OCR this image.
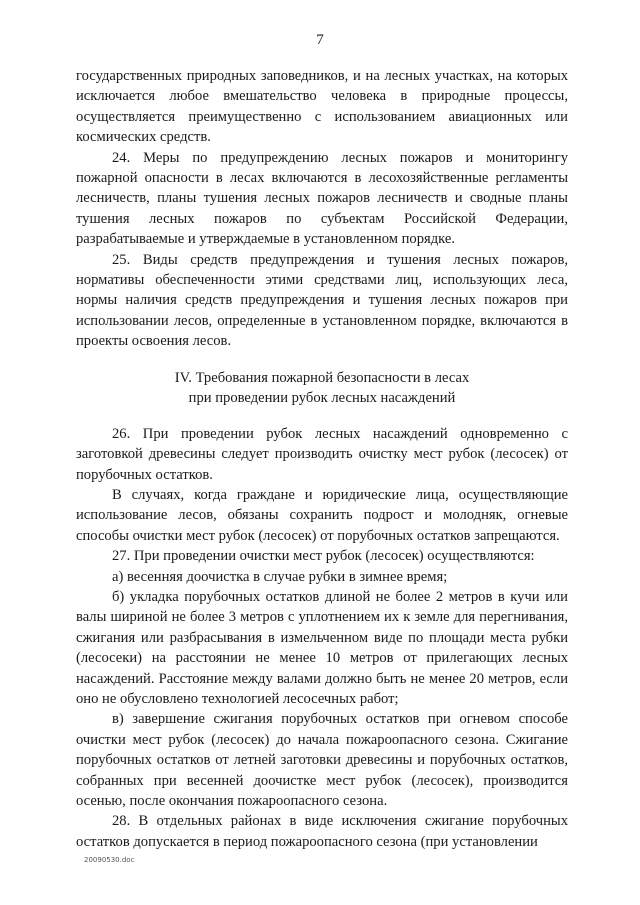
7

государственных природных заповедников, и на лесных участках, на которых исключается любое вмешательство человека в природные процессы, осуществляется преимущественно с использованием авиационных или космических средств.

24. Меры по предупреждению лесных пожаров и мониторингу пожарной опасности в лесах включаются в лесохозяйственные регламенты лесничеств, планы тушения лесных пожаров лесничеств и сводные планы тушения лесных пожаров по субъектам Российской Федерации, разрабатываемые и утверждаемые в установленном порядке.

25. Виды средств предупреждения и тушения лесных пожаров, нормативы обеспеченности этими средствами лиц, использующих леса, нормы наличия средств предупреждения и тушения лесных пожаров при использовании лесов, определенные в установленном порядке, включаются в проекты освоения лесов.

IV. Требования пожарной безопасности в лесах
при проведении рубок лесных насаждений

26. При проведении рубок лесных насаждений одновременно с заготовкой древесины следует производить очистку мест рубок (лесосек) от порубочных остатков.

В случаях, когда граждане и юридические лица, осуществляющие использование лесов, обязаны сохранить подрост и молодняк, огневые способы очистки мест рубок (лесосек) от порубочных остатков запрещаются.

27. При проведении очистки мест рубок (лесосек) осуществляются:

а) весенняя доочистка в случае рубки в зимнее время;

б) укладка порубочных остатков длиной не более 2 метров в кучи или валы шириной не более 3 метров с уплотнением их к земле для перегнивания, сжигания или разбрасывания в измельченном виде по площади места рубки (лесосеки) на расстоянии не менее 10 метров от прилегающих лесных насаждений. Расстояние между валами должно быть не менее 20 метров, если оно не обусловлено технологией лесосечных работ;

в) завершение сжигания порубочных остатков при огневом способе очистки мест рубок (лесосек) до начала пожароопасного сезона. Сжигание порубочных остатков от летней заготовки древесины и порубочных остатков, собранных при весенней доочистке мест рубок (лесосек), производится осенью, после окончания пожароопасного сезона.

28. В отдельных районах в виде исключения сжигание порубочных остатков допускается в период пожароопасного сезона (при установлении

20090530.doc
